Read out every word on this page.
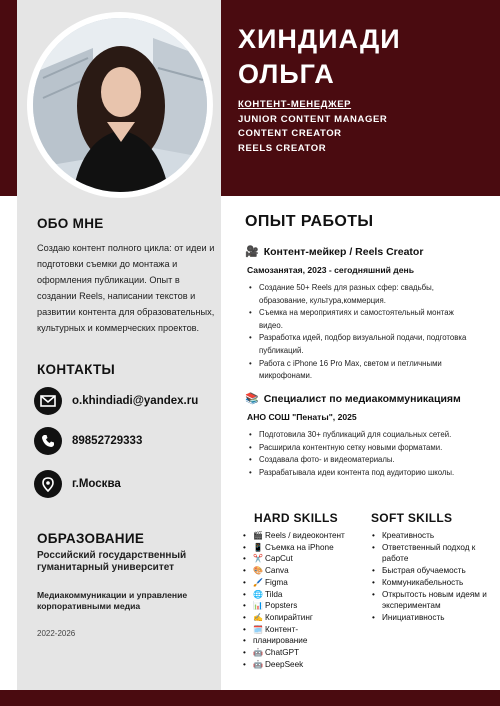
ХИНДИАДИ
ОЛЬГА
КОНТЕНТ-МЕНЕДЖЕР
JUNIOR CONTENT MANAGER
CONTENT CREATOR
REELS CREATOR
ОБО МНЕ
Создаю контент полного цикла: от идеи и подготовки съемки до монтажа и оформления публикации. Опыт в создании Reels, написании текстов и развитии контента для образовательных, культурных и коммерческих проектов.
КОНТАКТЫ
o.khindiadi@yandex.ru
89852729333
г.Москва
ОБРАЗОВАНИЕ
Российский государственный гуманитарный университет
Медиакоммуникации и управление корпоративными медиа
2022-2026
ОПЫТ РАБОТЫ
🎥 Контент-мейкер / Reels Creator
Самозанятая, 2023 - сегодняшний день
• Создание 50+ Reels для разных сфер: свадьбы, образование, культура,коммерция.
• Съемка на мероприятиях и самостоятельный монтаж видео.
• Разработка идей, подбор визуальной подачи, подготовка публикаций.
• Работа с iPhone 16 Pro Max, светом и петличными микрофонами.
📚 Специалист по медиакоммуникациям
АНО СОШ "Пенаты", 2025
• Подготовила 30+ публикаций для социальных сетей.
• Расширила контентную сетку новыми форматами.
• Создавала фото- и видеоматериалы.
• Разрабатывала идеи контента под аудиторию школы.
HARD SKILLS	SOFT SKILLS
• 🎬 Reels / видеоконтент
• 📱 Съемка на iPhone
• ✂️ CapCut
• 🎨 Canva
• 🖌️ Figma
• 🌐 Tilda
• 📊 Popsters
• ✍️ Копирайтинг
• 🗓️ Контент-
• планирование
• 🤖 ChatGPT
• 🤖 DeepSeek
• Креативность
• Ответственный подход к работе
• Быстрая обучаемость
• Коммуникабельность
• Открытость новым идеям и экспериментам
• Инициативность
